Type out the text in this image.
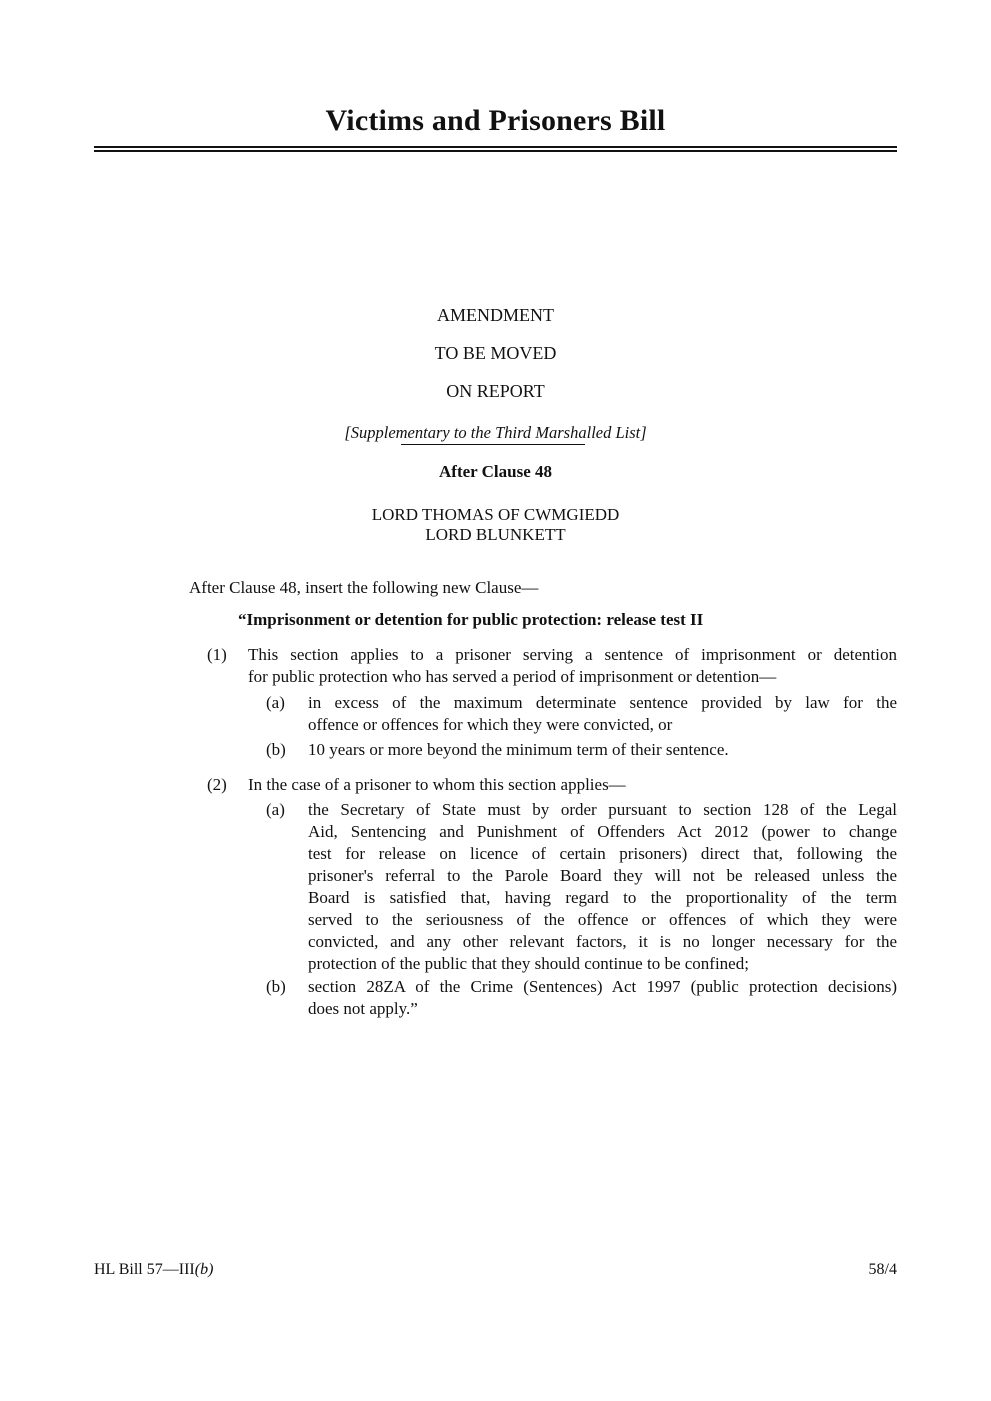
Victims and Prisoners Bill
AMENDMENT
TO BE MOVED
ON REPORT
[Supplementary to the Third Marshalled List]
After Clause 48
LORD THOMAS OF CWMGIEDD
LORD BLUNKETT
After Clause 48, insert the following new Clause—
“Imprisonment or detention for public protection: release test II
(1) This section applies to a prisoner serving a sentence of imprisonment or detention
for public protection who has served a period of imprisonment or detention—
(a) in excess of the maximum determinate sentence provided by law for the
offence or offences for which they were convicted, or
(b) 10 years or more beyond the minimum term of their sentence.
(2) In the case of a prisoner to whom this section applies—
(a) the Secretary of State must by order pursuant to section 128 of the Legal
Aid, Sentencing and Punishment of Offenders Act 2012 (power to change
test for release on licence of certain prisoners) direct that, following the
prisoner's referral to the Parole Board they will not be released unless the
Board is satisfied that, having regard to the proportionality of the term
served to the seriousness of the offence or offences of which they were
convicted, and any other relevant factors, it is no longer necessary for the
protection of the public that they should continue to be confined;
(b) section 28ZA of the Crime (Sentences) Act 1997 (public protection decisions)
does not apply.”
HL Bill 57—III(b)	58/4
